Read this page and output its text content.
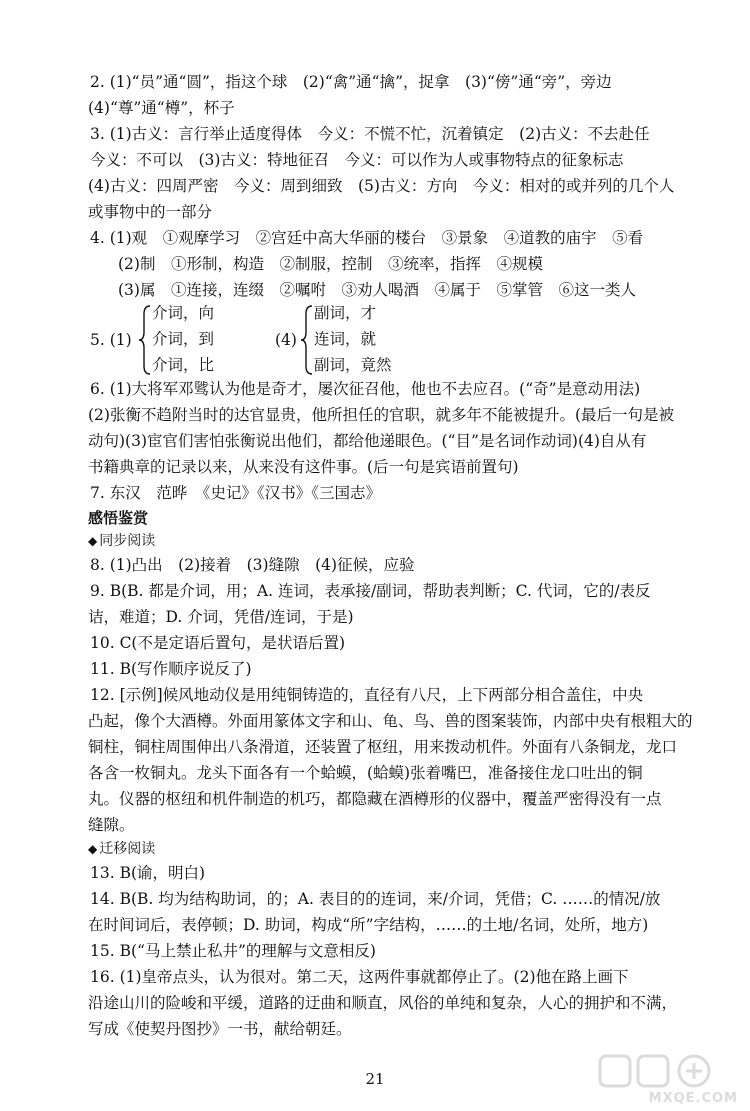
2. (1)“员”通“圆”，指这个球　(2)“禽”通“擒”，捉拿　(3)“傍”通“旁”，旁边
(4)“尊”通“樽”，杯子
3. (1)古义：言行举止适度得体　今义：不慌不忙，沉着镇定　(2)古义：不去赴任
今义：不可以　(3)古义：特地征召　今义：可以作为人或事物特点的征象标志
(4)古义：四周严密　今义：周到细致　(5)古义：方向　今义：相对的或并列的几个人
或事物中的一部分
4. (1)观　①观摩学习　②宫廷中高大华丽的楼台　③景象　④道教的庙宇　⑤看
(2)制　①形制，构造　②制服，控制　③统率，指挥　④规模
(3)属　①连接，连缀　②嘱咐　③劝人喝酒　④属于　⑤掌管　⑥这一类人
5. (1)
介词，向
介词，到
介词，比
(4)
副词，才
连词，就
副词，竟然
6. (1)大将军邓骘认为他是奇才，屡次征召他，他也不去应召。(“奇”是意动用法)
(2)张衡不趋附当时的达官显贵，他所担任的官职，就多年不能被提升。(最后一句是被
动句)(3)宦官们害怕张衡说出他们，都给他递眼色。(“目”是名词作动词)(4)自从有
书籍典章的记录以来，从来没有这件事。(后一句是宾语前置句)
7. 东汉　范晔　《史记》《汉书》《三国志》
感悟鉴赏
◆ 同步阅读
8. (1)凸出　(2)接着　(3)缝隙　(4)征候，应验
9. B(B. 都是介词，用；A. 连词，表承接/副词，帮助表判断；C. 代词，它的/表反
诘，难道；D. 介词，凭借/连词，于是)
10. C(不是定语后置句，是状语后置)
11. B(写作顺序说反了)
12. [示例]候风地动仪是用纯铜铸造的，直径有八尺，上下两部分相合盖住，中央
凸起，像个大酒樽。外面用篆体文字和山、龟、鸟、兽的图案装饰，内部中央有根粗大的
铜柱，铜柱周围伸出八条滑道，还装置了枢纽，用来拨动机件。外面有八条铜龙，龙口
各含一枚铜丸。龙头下面各有一个蛤蟆，(蛤蟆)张着嘴巴，准备接住龙口吐出的铜
丸。仪器的枢纽和机件制造的机巧，都隐藏在酒樽形的仪器中，覆盖严密得没有一点
缝隙。
◆ 迁移阅读
13. B(谕，明白)
14. B(B. 均为结构助词，的；A. 表目的的连词，来/介词，凭借；C. ……的情况/放
在时间词后，表停顿；D. 助词，构成“所”字结构，……的土地/名词，处所，地方)
15. B(“马上禁止私井”的理解与文意相反)
16. (1)皇帝点头，认为很对。第二天，这两件事就都停止了。(2)他在路上画下
沿途山川的险峻和平缓，道路的迂曲和顺直，风俗的单纯和复杂，人心的拥护和不满，
写成《使契丹图抄》一书，献给朝廷。
21
MXQE.COM
